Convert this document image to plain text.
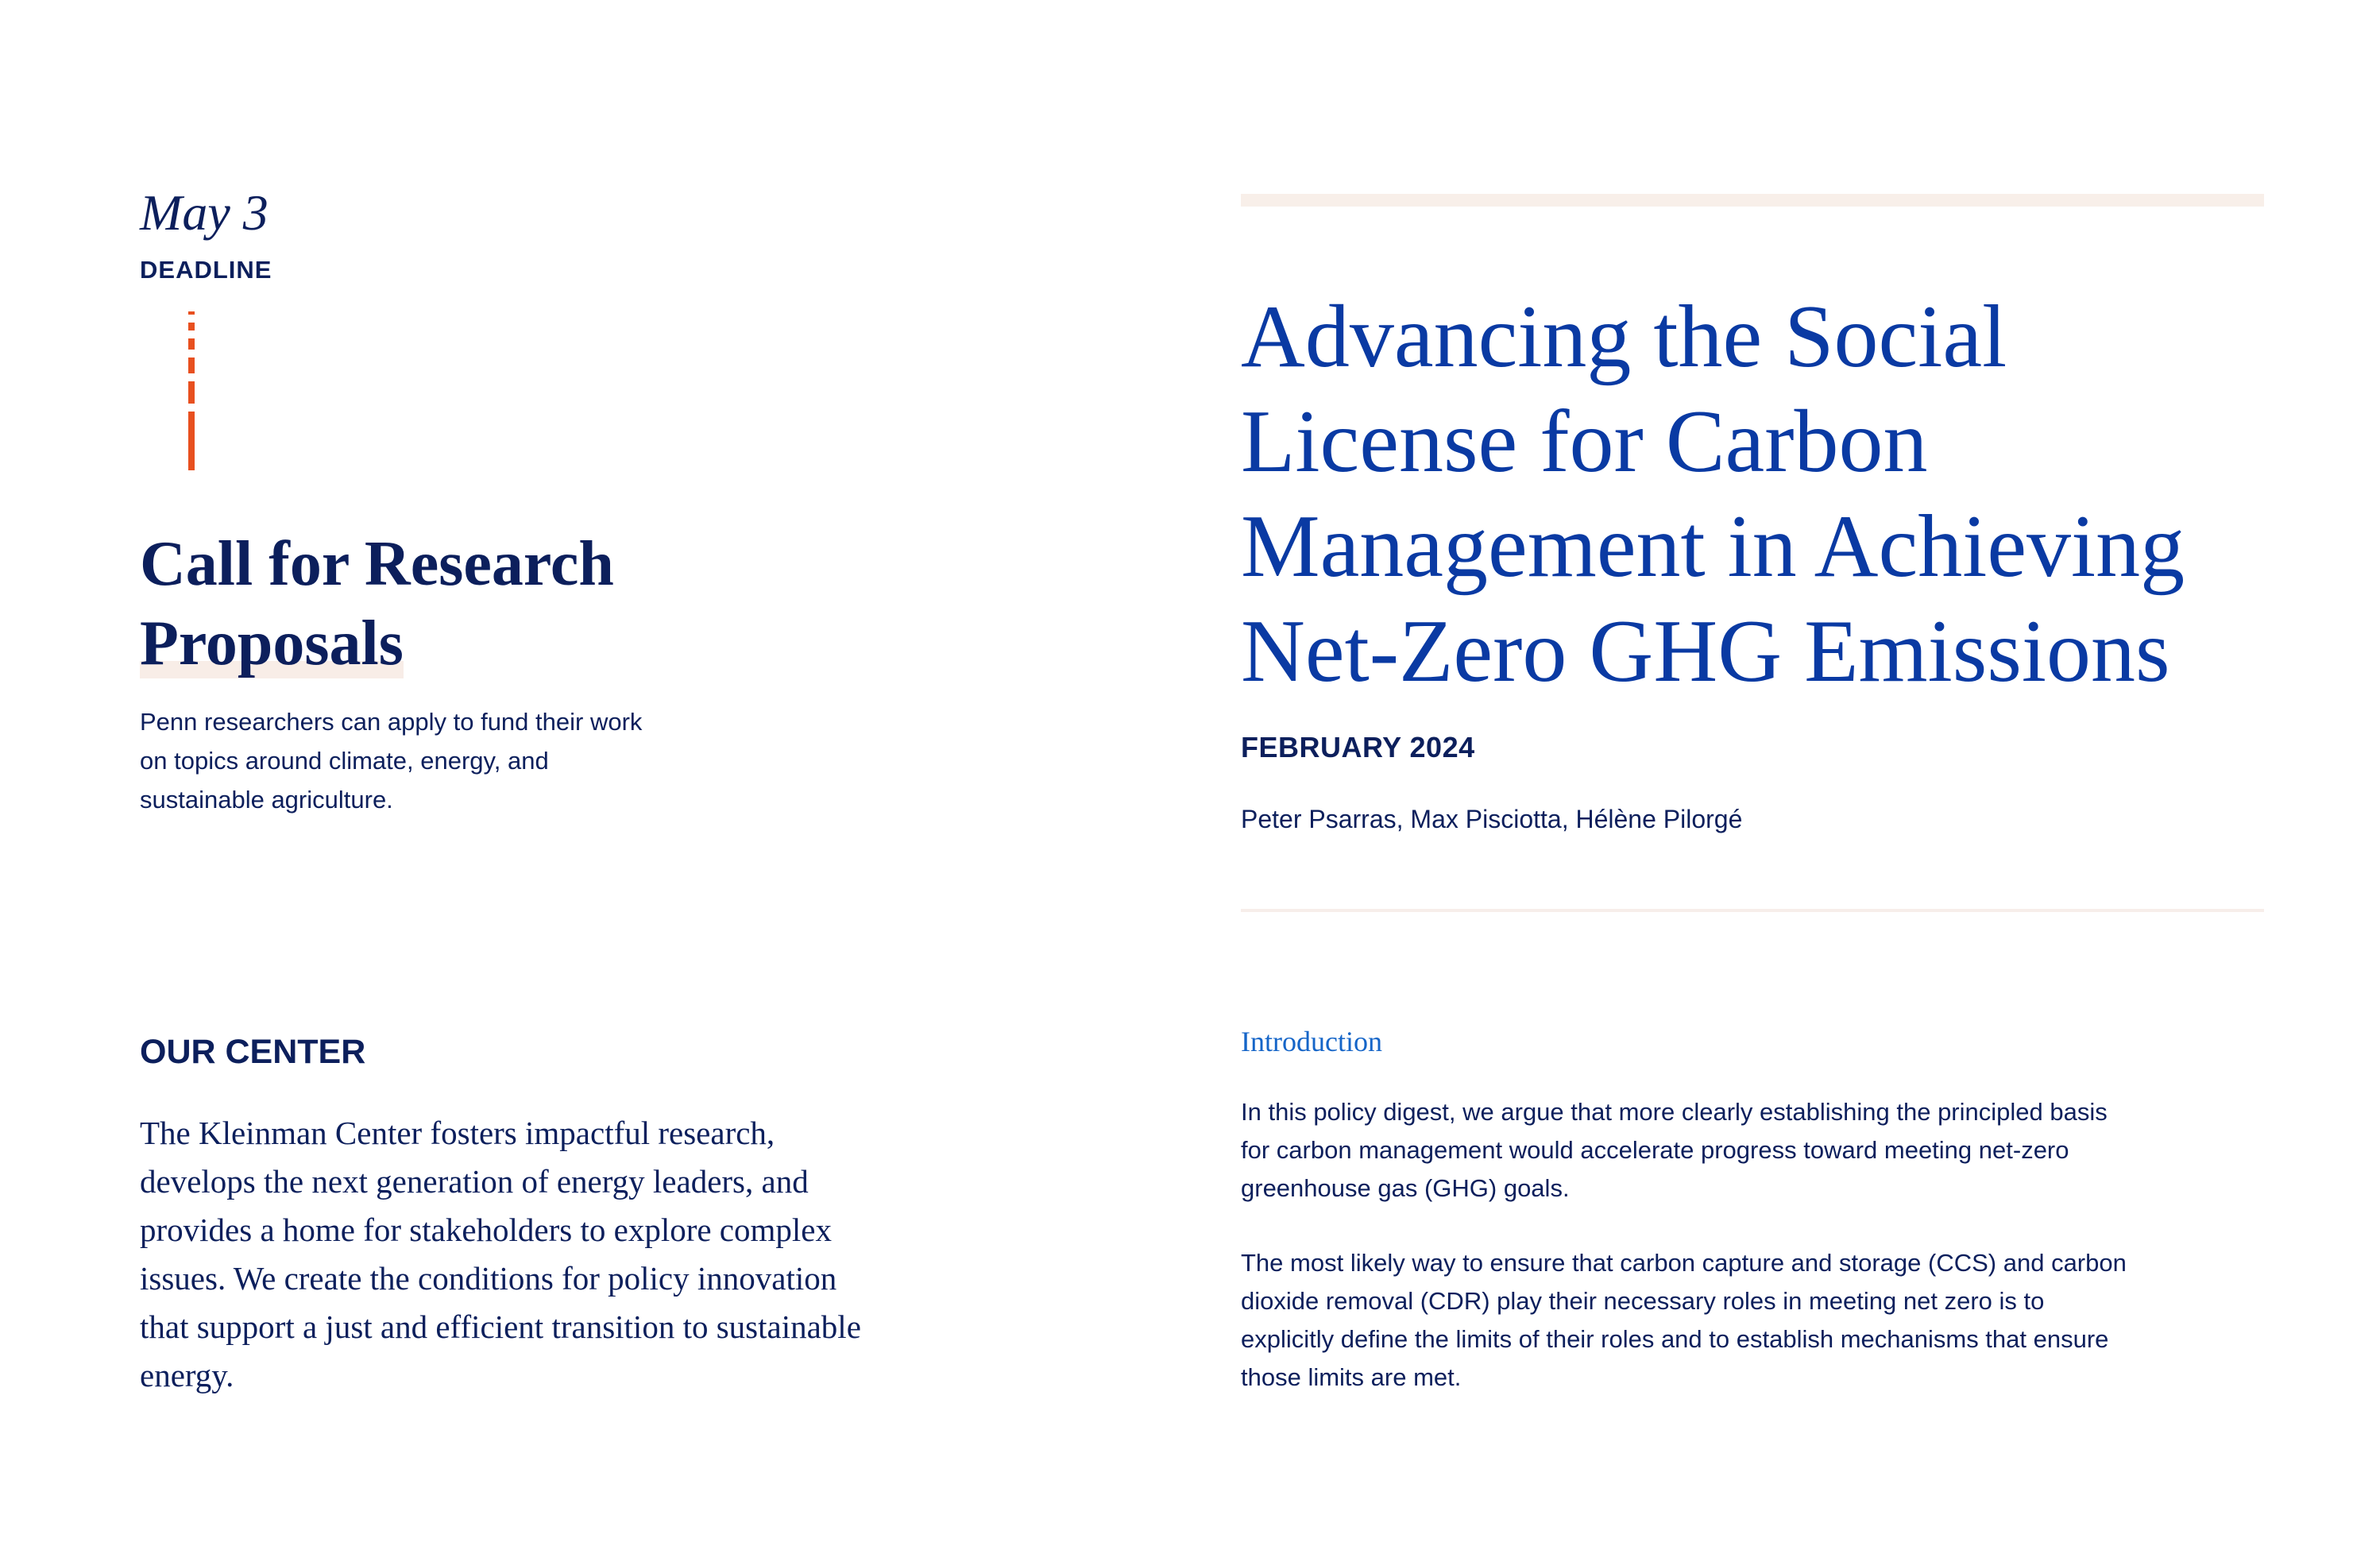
May 3
DEADLINE
Call for Research
Proposals

Penn researchers can apply to fund their work on topics around climate, energy, and sustainable agriculture.

OUR CENTER

The Kleinman Center fosters impactful research, develops the next generation of energy leaders, and provides a home for stakeholders to explore complex issues. We create the conditions for policy innovation that support a just and efficient transition to sustainable energy.

Advancing the Social License for Carbon Management in Achieving Net-Zero GHG Emissions
FEBRUARY 2024
Peter Psarras, Max Pisciotta, Hélène Pilorgé
Introduction

In this policy digest, we argue that more clearly establishing the principled basis for carbon management would accelerate progress toward meeting net-zero greenhouse gas (GHG) goals.

The most likely way to ensure that carbon capture and storage (CCS) and carbon dioxide removal (CDR) play their necessary roles in meeting net zero is to explicitly define the limits of their roles and to establish mechanisms that ensure those limits are met.
